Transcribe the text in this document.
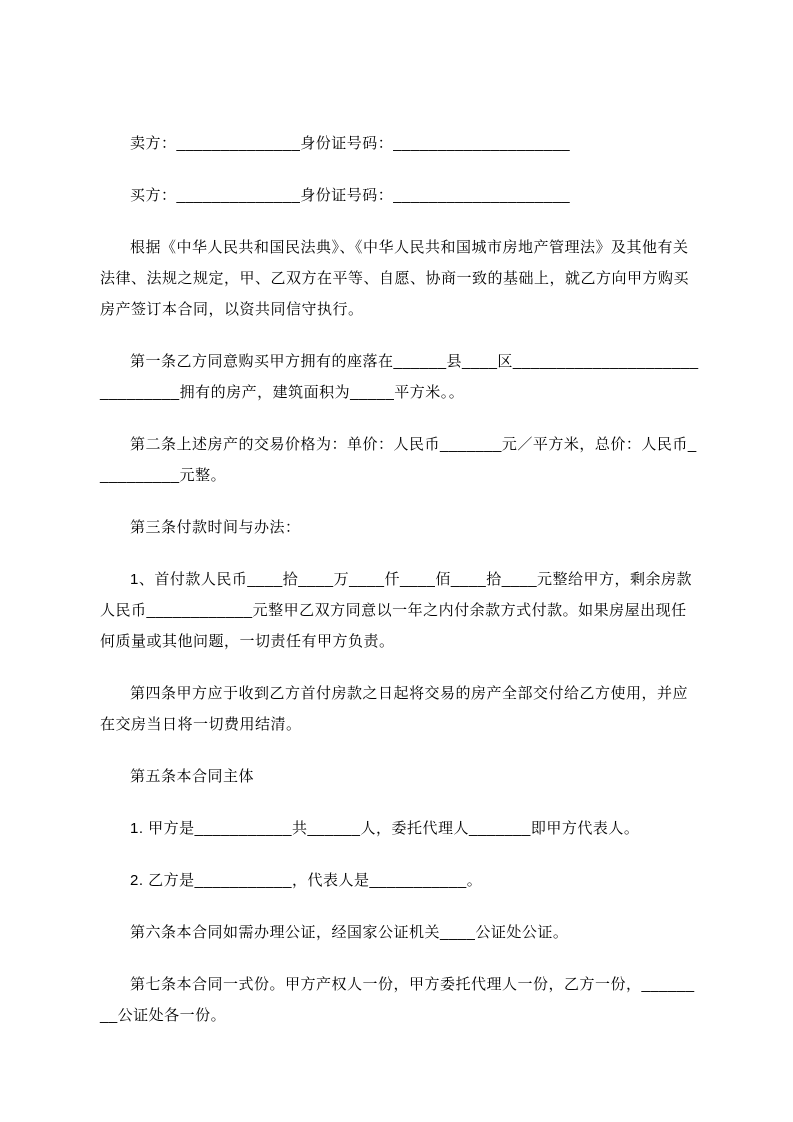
卖方：______________身份证号码：____________________

买方：______________身份证号码：____________________

根据《中华人民共和国民法典》、《中华人民共和国城市房地产管理法》及其他有关法律、法规之规定，甲、乙双方在平等、自愿、协商一致的基础上，就乙方向甲方购买房产签订本合同，以资共同信守执行。

第一条乙方同意购买甲方拥有的座落在______县____区______________________________拥有的房产，建筑面积为_____平方米。。

第二条上述房产的交易价格为：单价：人民币_______元／平方米，总价：人民币__________元整。

第三条付款时间与办法：

1、首付款人民币____拾____万____仟____佰____拾____元整给甲方，剩余房款人民币____________元整甲乙双方同意以一年之内付余款方式付款。如果房屋出现任何质量或其他问题，一切责任有甲方负责。

第四条甲方应于收到乙方首付房款之日起将交易的房产全部交付给乙方使用，并应在交房当日将一切费用结清。

第五条本合同主体

1. 甲方是___________共______人，委托代理人_______即甲方代表人。

2. 乙方是___________，代表人是___________。

第六条本合同如需办理公证，经国家公证机关____公证处公证。

第七条本合同一式份。甲方产权人一份，甲方委托代理人一份，乙方一份，________公证处各一份。
